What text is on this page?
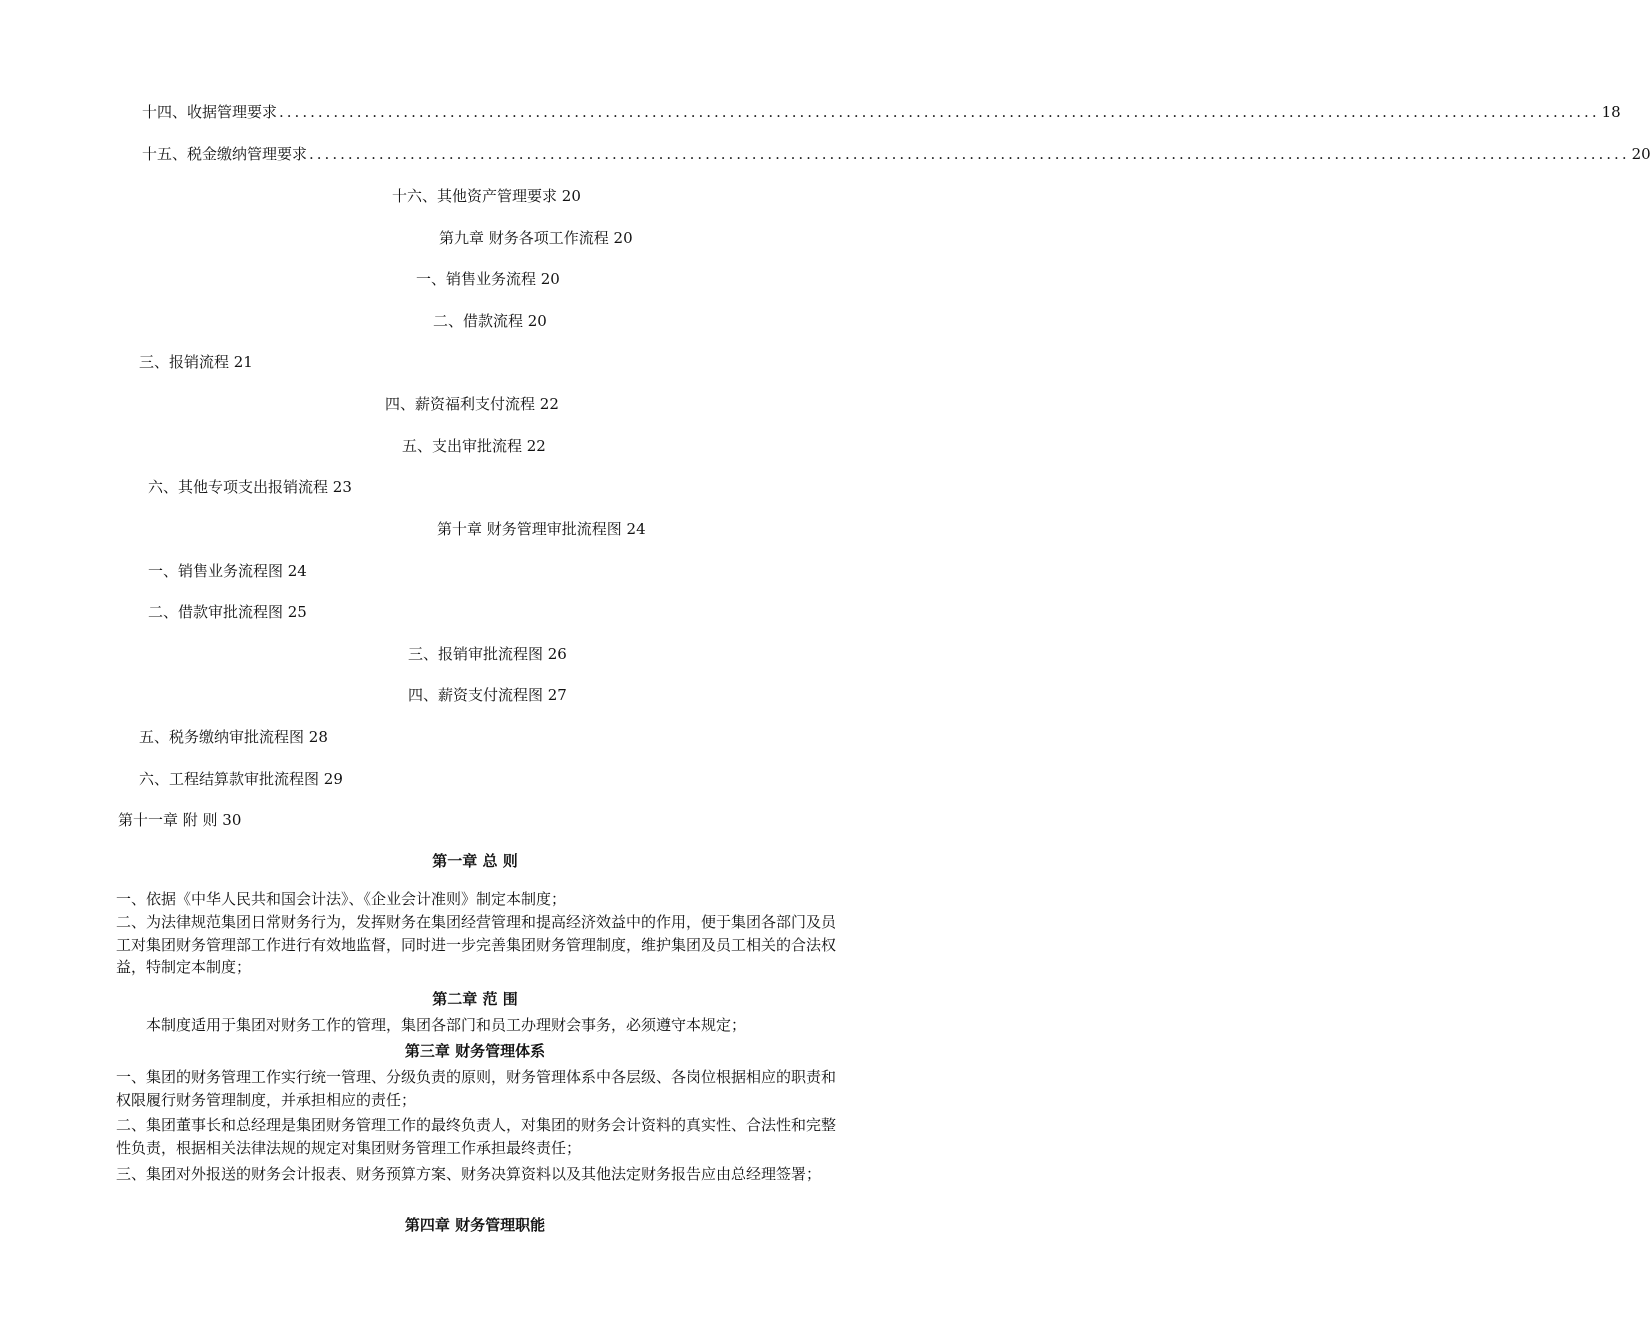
十四、收据管理要求 .......................................................................................................................................................................... 18
十五、税金缴纳管理要求 .......................................................................................................................................................................... 20
十六、其他资产管理要求 20
第九章 财务各项工作流程 20
一、销售业务流程 20
二、借款流程 20
三、报销流程 21
四、薪资福利支付流程 22
五、支出审批流程 22
六、其他专项支出报销流程 23
第十章 财务管理审批流程图 24
一、销售业务流程图 24
二、借款审批流程图 25
三、报销审批流程图 26
四、薪资支付流程图 27
五、税务缴纳审批流程图 28
六、工程结算款审批流程图 29
第十一章 附 则 30
第一章 总 则
一、依据《中华人民共和国会计法》、《企业会计准则》制定本制度；
二、为法律规范集团日常财务行为，发挥财务在集团经营管理和提高经济效益中的作用，便于集团各部门及员工对集团财务管理部工作进行有效地监督，同时进一步完善集团财务管理制度，维护集团及员工相关的合法权益，特制定本制度；
第二章 范 围
本制度适用于集团对财务工作的管理，集团各部门和员工办理财会事务，必须遵守本规定；
第三章 财务管理体系
一、集团的财务管理工作实行统一管理、分级负责的原则，财务管理体系中各层级、各岗位根据相应的职责和权限履行财务管理制度，并承担相应的责任；
二、集团董事长和总经理是集团财务管理工作的最终负责人，对集团的财务会计资料的真实性、合法性和完整性负责，根据相关法律法规的规定对集团财务管理工作承担最终责任；
三、集团对外报送的财务会计报表、财务预算方案、财务决算资料以及其他法定财务报告应由总经理签署；
第四章 财务管理职能
